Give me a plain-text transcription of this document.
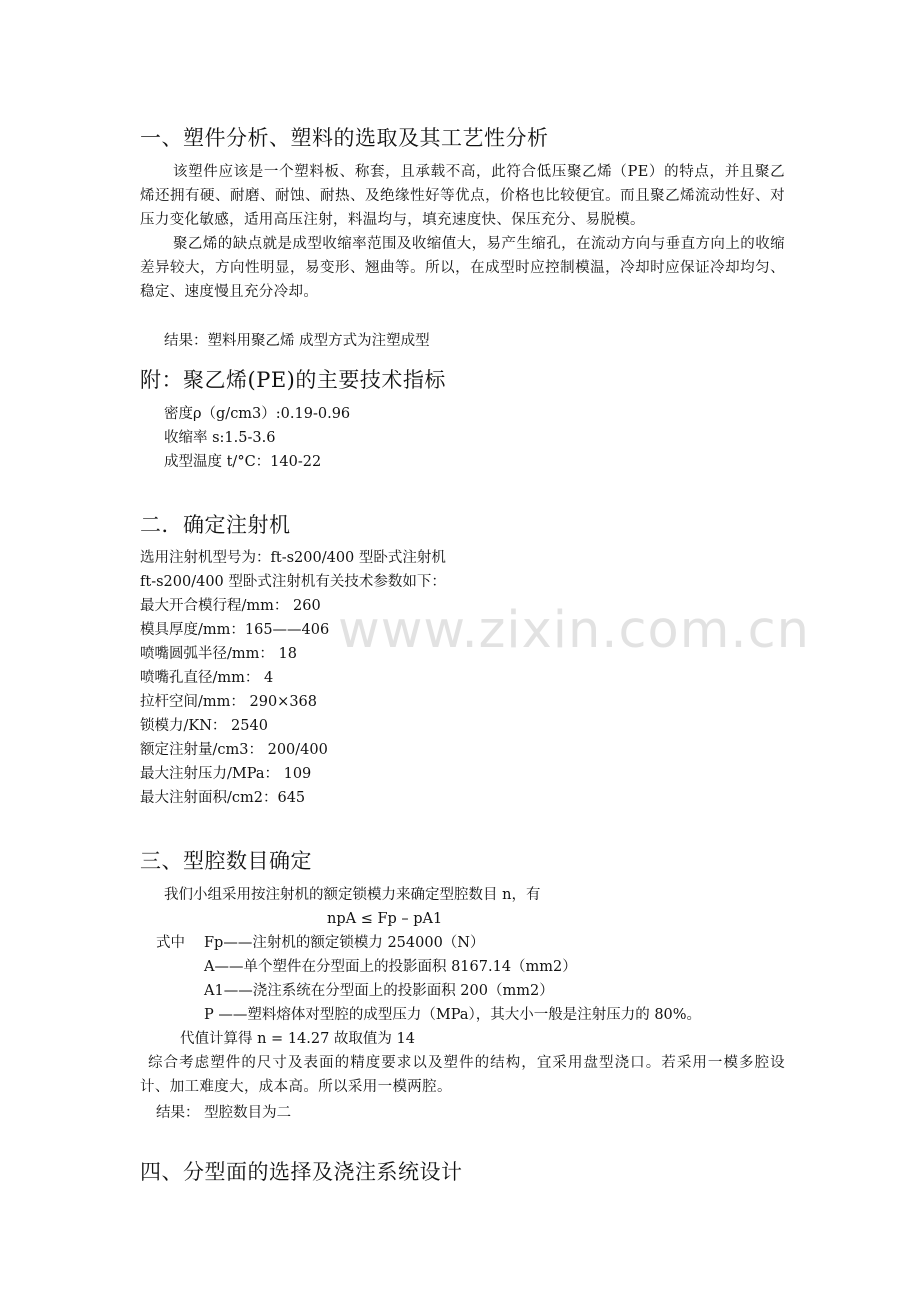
一、塑件分析、塑料的选取及其工艺性分析
该塑件应该是一个塑料板、称套，且承载不高，此符合低压聚乙烯（PE）的特点，并且聚乙烯还拥有硬、耐磨、耐蚀、耐热、及绝缘性好等优点，价格也比较便宜。而且聚乙烯流动性好、对压力变化敏感，适用高压注射，料温均与，填充速度快、保压充分、易脱模。
聚乙烯的缺点就是成型收缩率范围及收缩值大，易产生缩孔，在流动方向与垂直方向上的收缩差异较大，方向性明显，易变形、翘曲等。所以，在成型时应控制模温，冷却时应保证冷却均匀、稳定、速度慢且充分冷却。
结果：塑料用聚乙烯 成型方式为注塑成型
附：聚乙烯(PE)的主要技术指标
密度ρ（g/cm3）:0.19-0.96
收缩率 s:1.5-3.6
成型温度 t/°C：140-22
二．确定注射机
选用注射机型号为：ft-s200/400 型卧式注射机
ft-s200/400 型卧式注射机有关技术参数如下：
最大开合模行程/mm： 260
模具厚度/mm：165——406
喷嘴圆弧半径/mm： 18
喷嘴孔直径/mm： 4
拉杆空间/mm： 290×368
锁模力/KN： 2540
额定注射量/cm3： 200/400
最大注射压力/MPa： 109
最大注射面积/cm2：645
www.zixin.com.cn
三、型腔数目确定
我们小组采用按注射机的额定锁模力来确定型腔数目 n，有
npA ≤ Fp – pA1
式中 Fp——注射机的额定锁模力 254000（N）
A——单个塑件在分型面上的投影面积 8167.14（mm2）
A1——浇注系统在分型面上的投影面积 200（mm2）
P ——塑料熔体对型腔的成型压力（MPa），其大小一般是注射压力的 80%。
代值计算得 n = 14.27 故取值为 14
综合考虑塑件的尺寸及表面的精度要求以及塑件的结构，宜采用盘型浇口。若采用一模多腔设计、加工难度大，成本高。所以采用一模两腔。
结果： 型腔数目为二
四、分型面的选择及浇注系统设计
